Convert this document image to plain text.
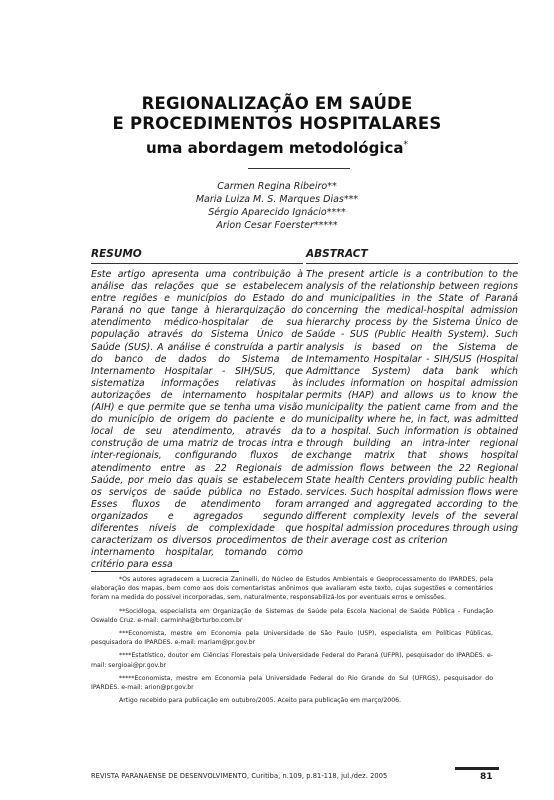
REGIONALIZAÇÃO EM SAÚDE
E PROCEDIMENTOS HOSPITALARES
uma abordagem metodológica*
Carmen Regina Ribeiro**
Maria Luiza M. S. Marques Dias***
Sérgio Aparecido Ignácio****
Arion Cesar Foerster*****
RESUMO
Este artigo apresenta uma contribuição à análise das relações que se estabelecem entre regiões e municípios do Estado do Paraná no que tange à hierarquização do atendimento médico-hospitalar de sua população através do Sistema Único de Saúde (SUS). A análise é construída a partir do banco de dados do Sistema de Internamento Hospitalar - SIH/SUS, que sistematiza informações relativas às autorizações de internamento hospitalar (AIH) e que permite que se tenha uma visão do município de origem do paciente e do local de seu atendimento, através da construção de uma matriz de trocas intra e inter-regionais, configurando fluxos de atendimento entre as 22 Regionais de Saúde, por meio das quais se estabelecem os serviços de saúde pública no Estado. Esses fluxos de atendimento foram organizados e agregados segundo diferentes níveis de complexidade que caracterizam os diversos procedimentos de internamento hospitalar, tomando como critério para essa
ABSTRACT
The present article is a contribution to the analysis of the relationship between regions and municipalities in the State of Paraná concerning the medical-hospital admission hierarchy process by the Sistema Único de Saúde - SUS (Public Health System). Such analysis is based on the Sistema de Intemamento Hospitalar - SIH/SUS (Hospital Admittance System) data bank which includes information on hospital admission permits (HAP) and allows us to know the municipality the patient came from and the municipality where he, in fact, was admitted to a hospital. Such information is obtained through building an intra-inter regional exchange matrix that shows hospital admission flows between the 22 Regional State health Centers providing public health services. Such hospital admission flows were arranged and aggregated according to the different complexity levels of the several hospital admission procedures through using their average cost as criterion

*Os autores agradecem a Lucrecia Zaninelli, do Núcleo de Estudos Ambientais e Geoprocessamento do IPARDES, pela elaboração dos mapas, bem como aos dois comentaristas anônimos que avaliaram este texto, cujas sugestões e comentários foram na medida do possível incorporadas, sem, naturalmente, responsabilizá-los por eventuais erros e omissões.

**Socióloga, especialista em Organização de Sistemas de Saúde pela Escola Nacional de Saúde Pública - Fundação Oswaldo Cruz. e-mail: carminha@brturbo.com.br

***Economista, mestre em Economia pela Universidade de São Paulo (USP), especialista em Políticas Públicas, pesquisadora do IPARDES. e-mail: mariam@pr.gov.br

****Estatístico, doutor em Ciências Florestais pela Universidade Federal do Paraná (UFPR), pesquisador do IPARDES. e-mail: sergioai@pr.gov.br

*****Economista, mestre em Economia pela Universidade Federal do Rio Grande do Sul (UFRGS), pesquisador do IPARDES. e-mail: arion@pr.gov.br

Artigo recebido para publicação em outubro/2005. Aceito para publicação em março/2006.

REVISTA PARANAENSE DE DESENVOLVIMENTO, Curitiba, n.109, p.81-118, jul./dez. 2005	81
